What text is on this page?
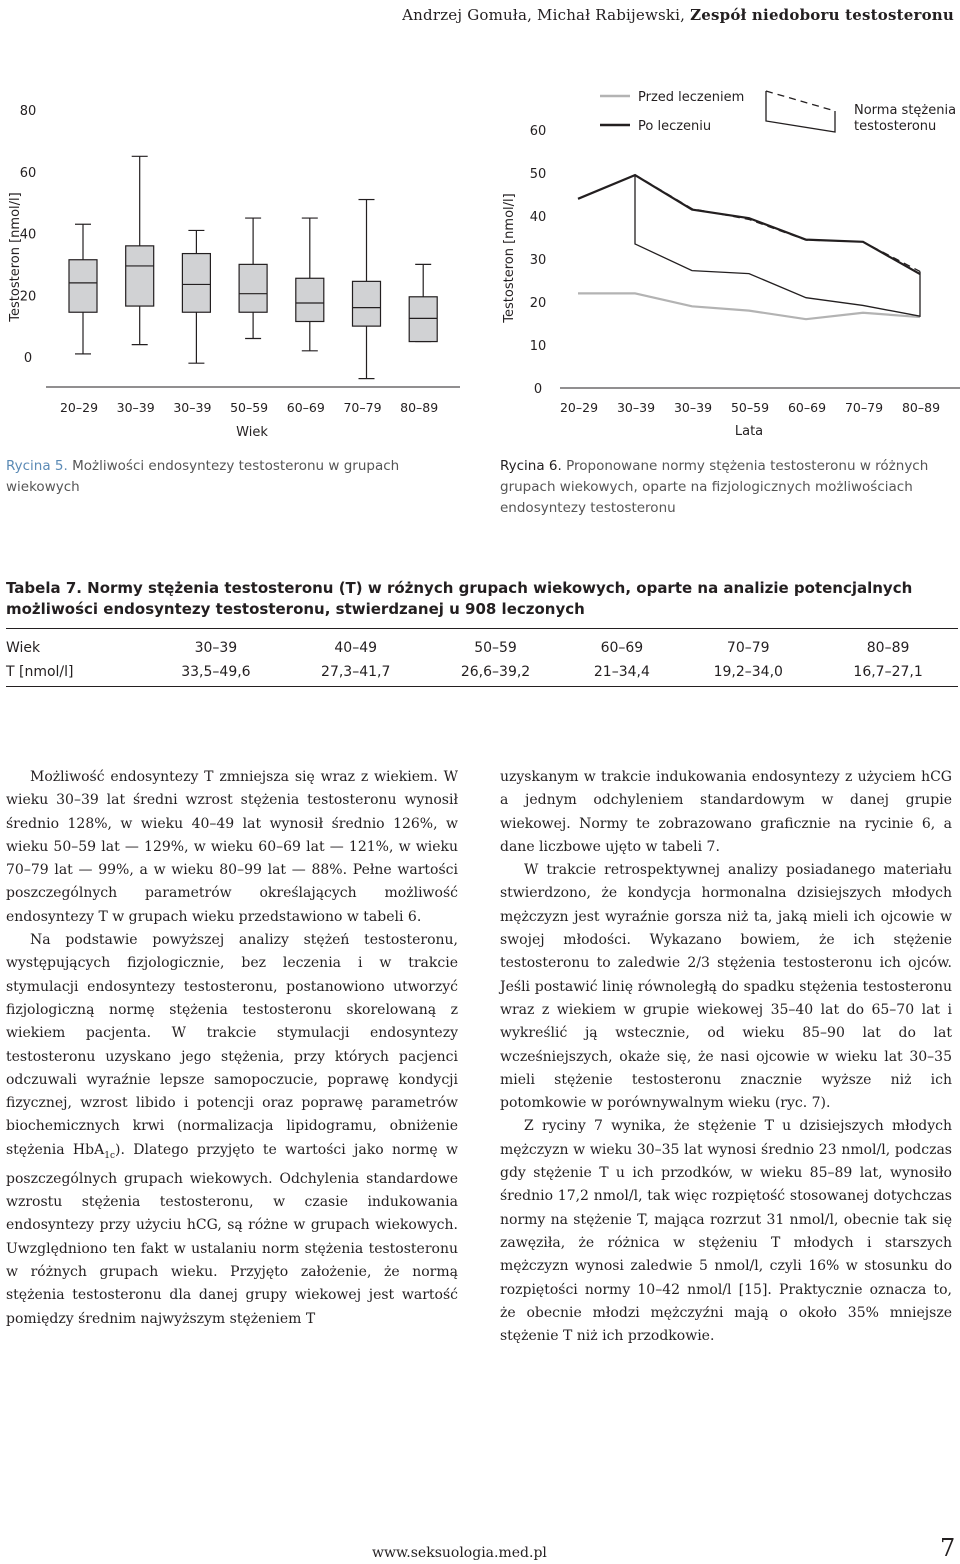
Andrzej Gomuła, Michał Rabijewski, Zespół niedoboru testosteronu
80
60
40
20
0
20–29 30–39 30–39 50–59 60–69 70–79 80–89
Testosteron [nmol/l]
Wiek
Rycina 5. Możliwości endosyntezy testosteronu w grupach wiekowych
60
50
40
30
20
10
0
20–29 30–39 30–39 50–59 60–69 70–79 80–89
Testosteron [nmol/l]
Lata
Przed leczeniem
Po leczeniu
Norma stężenia testosteronu
Rycina 6. Proponowane normy stężenia testosteronu w różnych grupach wiekowych, oparte na fizjologicznych możliwościach endosyntezy testosteronu
Tabela 7. Normy stężenia testosteronu (T) w różnych grupach wiekowych, oparte na analizie potencjalnych możliwości endosyntezy testosteronu, stwierdzanej u 908 leczonych
Wiek	30–39	40–49	50–59	60–69	70–79	80–89
T [nmol/l]	33,5–49,6	27,3–41,7	26,6–39,2	21–34,4	19,2–34,0	16,7–27,1

Możliwość endosyntezy T zmniejsza się wraz z wiekiem. W wieku 30–39 lat średni wzrost stężenia testosteronu wynosił średnio 128%, w wieku 40–49 lat wynosił średnio 126%, w wieku 50–59 lat — 129%, w wieku 60–69 lat — 121%, w wieku 70–79 lat — 99%, a w wieku 80–99 lat — 88%. Pełne wartości poszczególnych parametrów określających możliwość endosyntezy T w grupach wieku przedstawiono w tabeli 6.

Na podstawie powyższej analizy stężeń testosteronu, występujących fizjologicznie, bez leczenia i w trakcie stymulacji endosyntezy testosteronu, postanowiono utworzyć fizjologiczną normę stężenia testosteronu skorelowaną z wiekiem pacjenta. W trakcie stymulacji endosyntezy testosteronu uzyskano jego stężenia, przy których pacjenci odczuwali wyraźnie lepsze samopoczucie, poprawę kondycji fizycznej, wzrost libido i potencji oraz poprawę parametrów biochemicznych krwi (normalizacja lipidogramu, obniżenie stężenia HbA$_{1c}$). Dlatego przyjęto te wartości jako normę w poszczególnych grupach wiekowych. Odchylenia standardowe wzrostu stężenia testosteronu, w czasie indukowania endosyntezy przy użyciu hCG, są różne w grupach wiekowych. Uwzględniono ten fakt w ustalaniu norm stężenia testosteronu w różnych grupach wieku. Przyjęto założenie, że normą stężenia testosteronu dla danej grupy wiekowej jest wartość pomiędzy średnim najwyższym stężeniem T

uzyskanym w trakcie indukowania endosyntezy z użyciem hCG a jednym odchyleniem standardowym w danej grupie wiekowej. Normy te zobrazowano graficznie na rycinie 6, a dane liczbowe ujęto w tabeli 7.

W trakcie retrospektywnej analizy posiadanego materiału stwierdzono, że kondycja hormonalna dzisiejszych młodych mężczyzn jest wyraźnie gorsza niż ta, jaką mieli ich ojcowie w swojej młodości. Wykazano bowiem, że ich stężenie testosteronu to zaledwie 2/3 stężenia testosteronu ich ojców. Jeśli postawić linię równoległą do spadku stężenia testosteronu wraz z wiekiem w grupie wiekowej 35–40 lat do 65–70 lat i wykreślić ją wstecznie, od wieku 85–90 lat do lat wcześniejszych, okaże się, że nasi ojcowie w wieku lat 30–35 mieli stężenie testosteronu znacznie wyższe niż ich potomkowie w porównywalnym wieku (ryc. 7).

Z ryciny 7 wynika, że stężenie T u dzisiejszych młodych mężczyzn w wieku 30–35 lat wynosi średnio 23 nmol/l, podczas gdy stężenie T u ich przodków, w wieku 85–89 lat, wynosiło średnio 17,2 nmol/l, tak więc rozpiętość stosowanej dotychczas normy na stężenie T, mająca rozrzut 31 nmol/l, obecnie tak się zawęziła, że różnica w stężeniu T młodych i starszych mężczyzn wynosi zaledwie 5 nmol/l, czyli 16% w stosunku do rozpiętości normy 10–42 nmol/l [15]. Praktycznie oznacza to, że obecnie młodzi mężczyźni mają o około 35% mniejsze stężenie T niż ich przodkowie.

www.seksuologia.med.pl	7
